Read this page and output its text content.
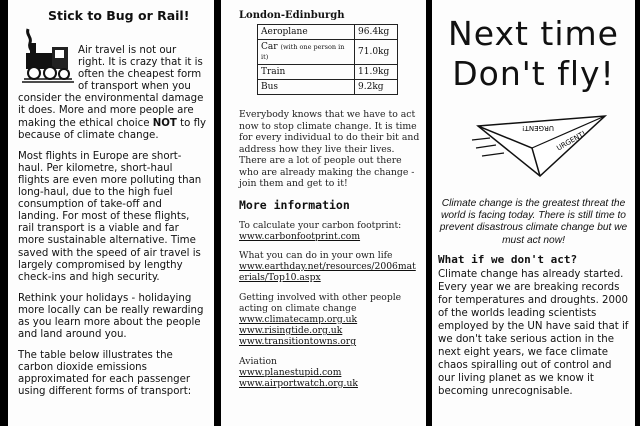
Stick to Bug or Rail!

Air travel is not our right. It is crazy that it is often the cheapest form of transport when you consider the environmental damage it does. More and more people are making the ethical choice NOT to fly because of climate change.

Most flights in Europe are short-haul. Per kilometre, short-haul flights are even more polluting than long-haul, due to the high fuel consumption of take-off and landing. For most of these flights, rail transport is a viable and far more sustainable alternative. Time saved with the speed of air travel is largely compromised by lengthy check-ins and high security.

Rethink your holidays - holidaying more locally can be really rewarding as you learn more about the people and land around you.

The table below illustrates the carbon dioxide emissions approximated for each passenger using different forms of transport:

London-Edinburgh
Aeroplane	96.4kg
Car (with one person in it)	71.0kg
Train	11.9kg
Bus	9.2kg

Everybody knows that we have to act now to stop climate change. It is time for every individual to do their bit and address how they live their lives. There are a lot of people out there who are already making the change - join them and get to it!

More information
To calculate your carbon footprint:
www.carbonfootprint.com
What you can do in your own life
www.earthday.net/resources/2006materials/Top10.aspx
Getting involved with other people acting on climate change
www.climatecamp.org.uk
www.risingtide.org.uk
www.transitiontowns.org
Aviation
www.planestupid.com
www.airportwatch.org.uk
Next time
Don't fly!
URGENT!
URGENT!
Climate change is the greatest threat the world is facing today. There is still time to prevent disastrous climate change but we must act now!
What if we don't act?

Climate change has already started. Every year we are breaking records for temperatures and droughts. 2000 of the worlds leading scientists employed by the UN have said that if we don't take serious action in the next eight years, we face climate chaos spiralling out of control and our living planet as we know it becoming unrecognisable.
